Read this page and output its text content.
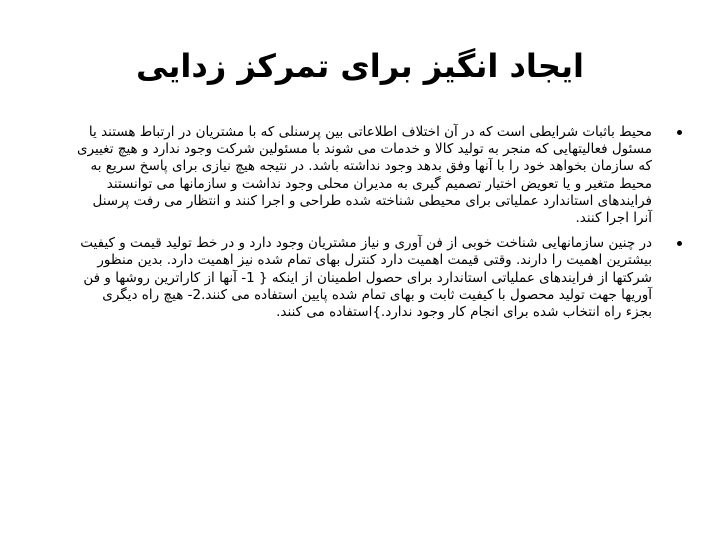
ایجاد انگیز برای تمرکز زدایی
محیط باثبات شرایطی است که در آن اختلاف اطلاعاتی بین پرسنلی که با مشتریان در ارتباط هستند یا مسئول فعالیتهایی که منجر به تولید کالا و خدمات می شوند با مسئولین شرکت وجود ندارد و هیچ تغییری که سازمان بخواهد خود را با آنها وفق بدهد وجود نداشته باشد. در نتیجه هیچ نیازی برای پاسخ سریع به محیط متغیر و یا تعویض اختیار تصمیم گیری به مدیران محلی وجود نداشت و سازمانها می توانستند فرایندهای استاندارد عملیاتی برای محیطی شناخته شده طراحی و اجرا کنند و انتظار می رفت پرسنل آنرا اجرا کنند.
در چنین سازمانهایی شناخت خوبی از فن آوری و نیاز مشتریان وجود دارد و در خط تولید قیمت و کیفیت بیشترین اهمیت را دارند. وقتی قیمت اهمیت دارد کنترل بهای تمام شده نیز اهمیت دارد. بدین منظور شرکتها از فرایندهای عملیاتی استاندارد برای حصول اطمینان از اینکه { 1- آنها از کاراترین روشها و فن آوریها جهت تولید محصول با کیفیت ثابت و بهای تمام شده پایین استفاده می کنند.2- هیچ راه دیگری بجزء راه انتخاب شده برای انجام کار وجود ندارد.}استفاده می کنند.
